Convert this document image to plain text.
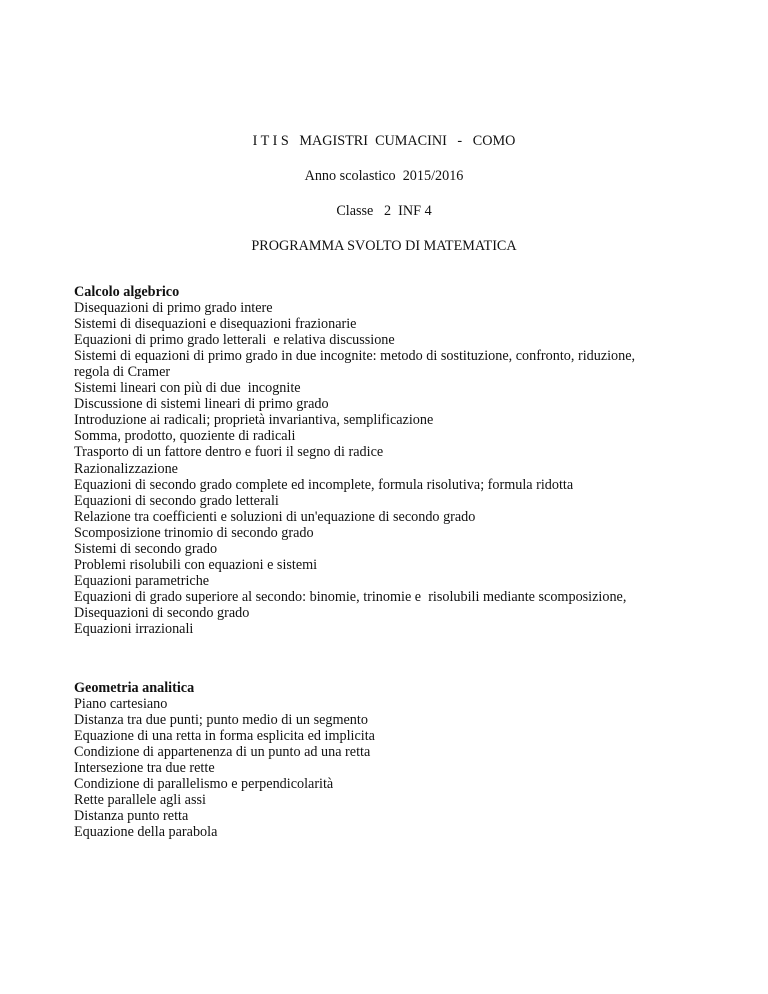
I T I S   MAGISTRI  CUMACINI   -   COMO
Anno scolastico  2015/2016
Classe   2  INF 4
PROGRAMMA SVOLTO DI MATEMATICA
Calcolo algebrico
Disequazioni di primo grado intere
Sistemi di disequazioni e disequazioni frazionarie
Equazioni di primo grado letterali  e relativa discussione
Sistemi di equazioni di primo grado in due incognite: metodo di sostituzione, confronto, riduzione,
regola di Cramer
Sistemi lineari con più di due  incognite
Discussione di sistemi lineari di primo grado
Introduzione ai radicali; proprietà invariantiva, semplificazione
Somma, prodotto, quoziente di radicali
Trasporto di un fattore dentro e fuori il segno di radice
Razionalizzazione
Equazioni di secondo grado complete ed incomplete, formula risolutiva; formula ridotta
Equazioni di secondo grado letterali
Relazione tra coefficienti e soluzioni di un'equazione di secondo grado
Scomposizione trinomio di secondo grado
Sistemi di secondo grado
Problemi risolubili con equazioni e sistemi
Equazioni parametriche
Equazioni di grado superiore al secondo: binomie, trinomie e  risolubili mediante scomposizione,
Disequazioni di secondo grado
Equazioni irrazionali
Geometria analitica
Piano cartesiano
Distanza tra due punti; punto medio di un segmento
Equazione di una retta in forma esplicita ed implicita
Condizione di appartenenza di un punto ad una retta
Intersezione tra due rette
Condizione di parallelismo e perpendicolarità
Rette parallele agli assi
Distanza punto retta
Equazione della parabola
